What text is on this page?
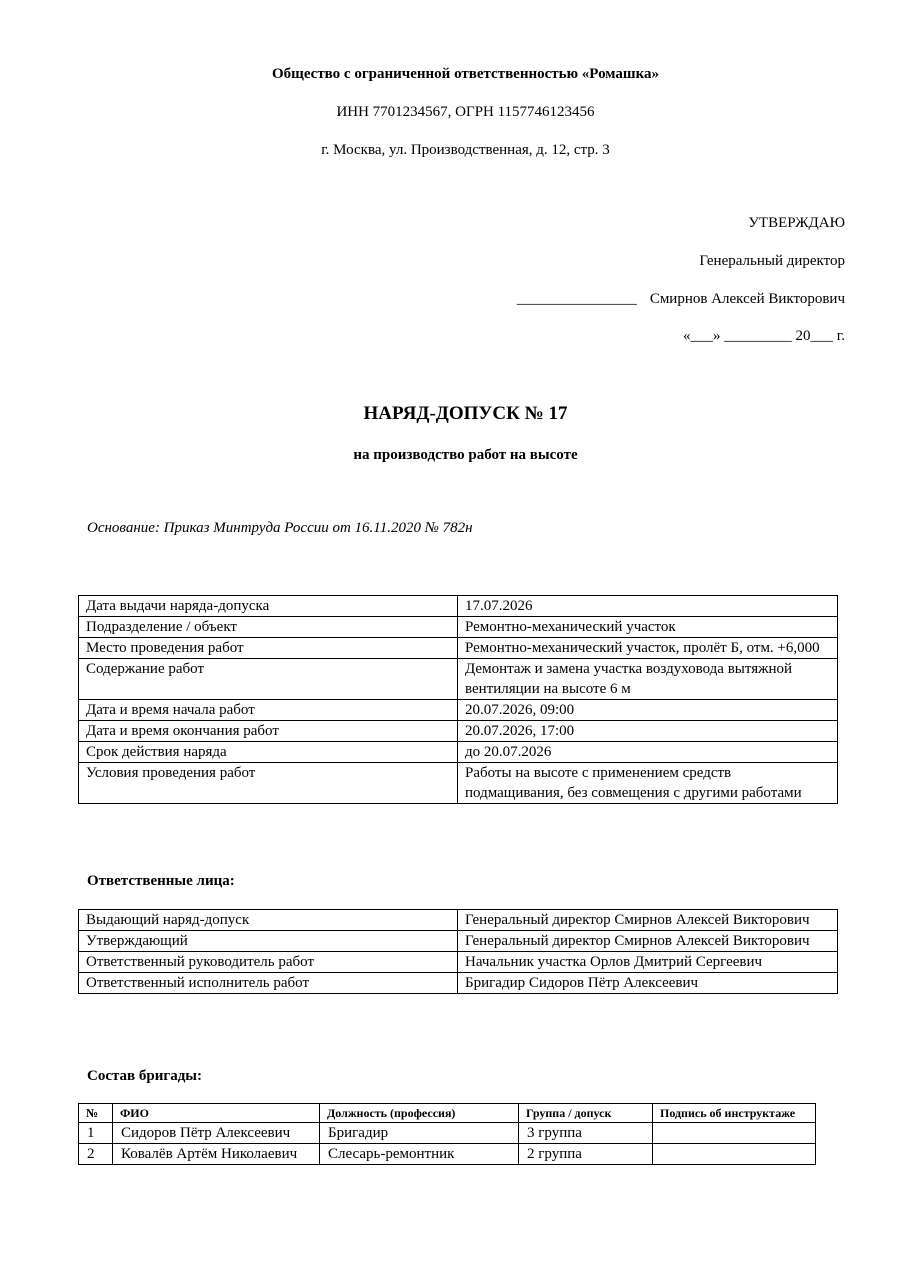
Общество с ограниченной ответственностью «Ромашка»
ИНН 7701234567, ОГРН 1157746123456
г. Москва, ул. Производственная, д. 12, стр. 3
УТВЕРЖДАЮ
Генеральный директор
________________ Смирнов Алексей Викторович
«___» _________ 20___ г.
НАРЯД-ДОПУСК № 17
на производство работ на высоте
Основание: Приказ Минтруда России от 16.11.2020 № 782н
Дата выдачи наряда-допуска	17.07.2026
Подразделение / объект	Ремонтно-механический участок
Место проведения работ	Ремонтно-механический участок, пролёт Б, отм. +6,000
Содержание работ	Демонтаж и замена участка воздуховода вытяжной вентиляции на высоте 6 м
Дата и время начала работ	20.07.2026, 09:00
Дата и время окончания работ	20.07.2026, 17:00
Срок действия наряда	до 20.07.2026
Условия проведения работ	Работы на высоте с применением средств подмащивания, без совмещения с другими работами
Ответственные лица:
Выдающий наряд-допуск	Генеральный директор Смирнов Алексей Викторович
Утверждающий	Генеральный директор Смирнов Алексей Викторович
Ответственный руководитель работ	Начальник участка Орлов Дмитрий Сергеевич
Ответственный исполнитель работ	Бригадир Сидоров Пётр Алексеевич
Состав бригады:
№	ФИО	Должность (профессия)	Группа / допуск	Подпись об инструктаже
1	Сидоров Пётр Алексеевич	Бригадир	3 группа	
2	Ковалёв Артём Николаевич	Слесарь-ремонтник	2 группа	
